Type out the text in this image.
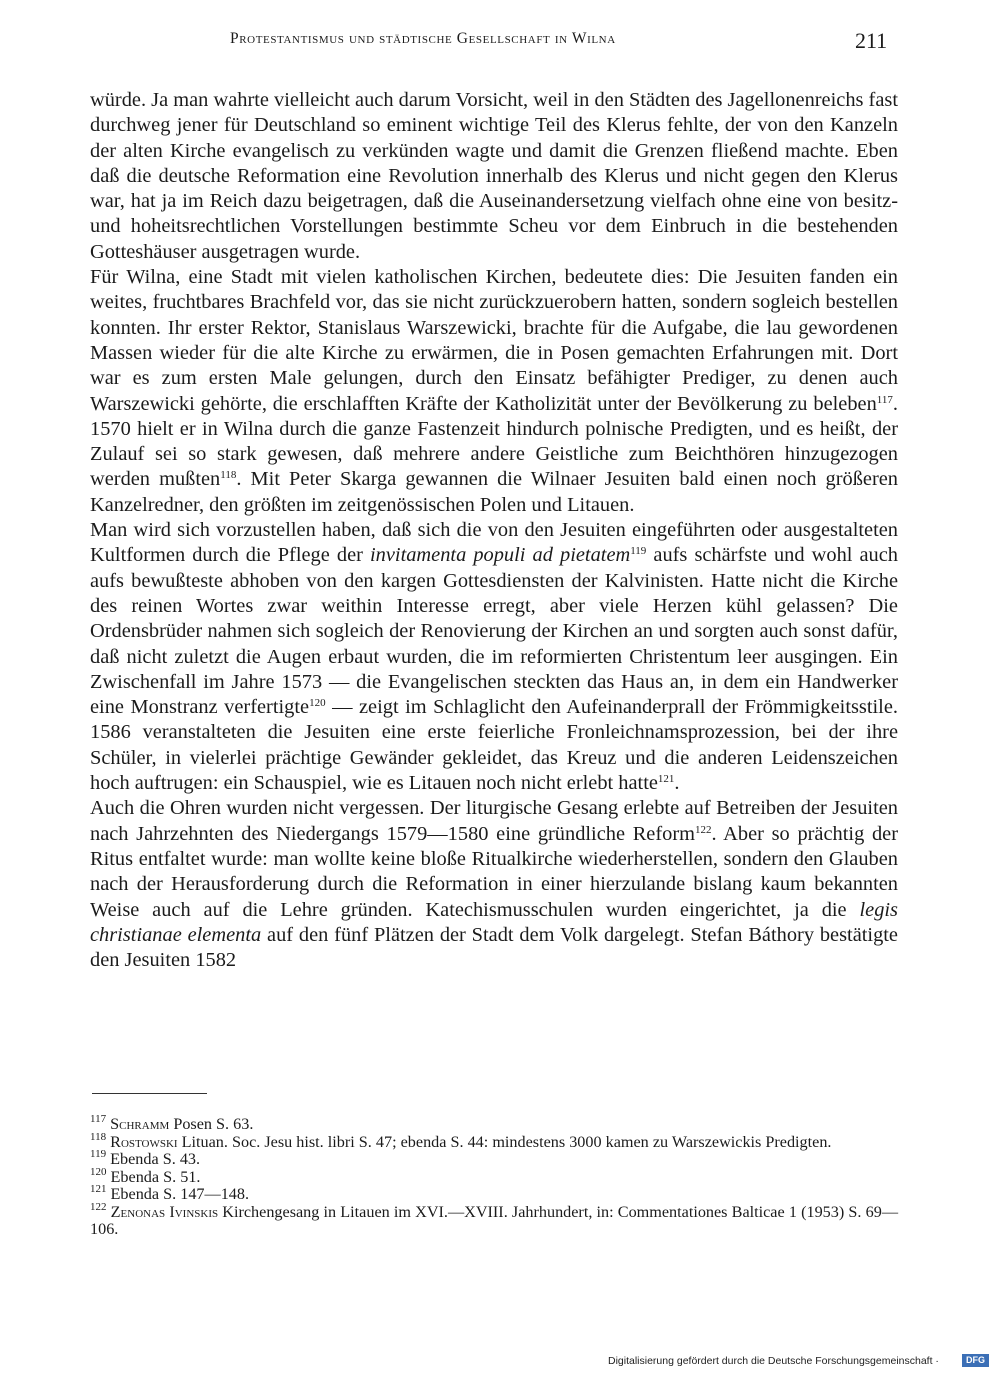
Protestantismus und städtische Gesellschaft in Wilna	211

würde. Ja man wahrte vielleicht auch darum Vorsicht, weil in den Städten des Jagellonenreichs fast durchweg jener für Deutschland so eminent wichtige Teil des Klerus fehlte, der von den Kanzeln der alten Kirche evangelisch zu verkünden wagte und damit die Grenzen fließend machte. Eben daß die deutsche Reformation eine Revolution innerhalb des Klerus und nicht gegen den Klerus war, hat ja im Reich dazu beigetragen, daß die Auseinandersetzung vielfach ohne eine von besitz- und hoheitsrechtlichen Vorstellungen bestimmte Scheu vor dem Einbruch in die bestehenden Gotteshäuser ausgetragen wurde.

Für Wilna, eine Stadt mit vielen katholischen Kirchen, bedeutete dies: Die Jesuiten fanden ein weites, fruchtbares Brachfeld vor, das sie nicht zurückzuerobern hatten, sondern sogleich bestellen konnten. Ihr erster Rektor, Stanislaus Warszewicki, brachte für die Aufgabe, die lau gewordenen Massen wieder für die alte Kirche zu erwärmen, die in Posen gemachten Erfahrungen mit. Dort war es zum ersten Male gelungen, durch den Einsatz befähigter Prediger, zu denen auch Warszewicki gehörte, die erschlafften Kräfte der Katholizität unter der Bevölkerung zu beleben$^{117}$. 1570 hielt er in Wilna durch die ganze Fastenzeit hindurch polnische Predigten, und es heißt, der Zulauf sei so stark gewesen, daß mehrere andere Geistliche zum Beichthören hinzugezogen werden mußten$^{118}$. Mit Peter Skarga gewannen die Wilnaer Jesuiten bald einen noch größeren Kanzelredner, den größten im zeitgenössischen Polen und Litauen.

Man wird sich vorzustellen haben, daß sich die von den Jesuiten eingeführten oder ausgestalteten Kultformen durch die Pflege der invitamenta populi ad pietatem$^{119}$ aufs schärfste und wohl auch aufs bewußteste abhoben von den kargen Gottesdiensten der Kalvinisten. Hatte nicht die Kirche des reinen Wortes zwar weithin Interesse erregt, aber viele Herzen kühl gelassen? Die Ordensbrüder nahmen sich sogleich der Renovierung der Kirchen an und sorgten auch sonst dafür, daß nicht zuletzt die Augen erbaut wurden, die im reformierten Christentum leer ausgingen. Ein Zwischenfall im Jahre 1573 — die Evangelischen steckten das Haus an, in dem ein Handwerker eine Monstranz verfertigte$^{120}$ — zeigt im Schlaglicht den Aufeinanderprall der Frömmigkeitsstile. 1586 veranstalteten die Jesuiten eine erste feierliche Fronleichnamsprozession, bei der ihre Schüler, in vielerlei prächtige Gewänder gekleidet, das Kreuz und die anderen Leidenszeichen hoch auftrugen: ein Schauspiel, wie es Litauen noch nicht erlebt hatte$^{121}$.

Auch die Ohren wurden nicht vergessen. Der liturgische Gesang erlebte auf Betreiben der Jesuiten nach Jahrzehnten des Niedergangs 1579—1580 eine gründliche Reform$^{122}$. Aber so prächtig der Ritus entfaltet wurde: man wollte keine bloße Ritualkirche wiederherstellen, sondern den Glauben nach der Herausforderung durch die Reformation in einer hierzulande bislang kaum bekannten Weise auch auf die Lehre gründen. Katechismusschulen wurden eingerichtet, ja die legis christianae elementa auf den fünf Plätzen der Stadt dem Volk dargelegt. Stefan Báthory bestätigte den Jesuiten 1582

$^{117}$ Schramm Posen S. 63.

$^{118}$ Rostowski Lituan. Soc. Jesu hist. libri S. 47; ebenda S. 44: mindestens 3000 kamen zu Warszewickis Predigten.

$^{119}$ Ebenda S. 43.

$^{120}$ Ebenda S. 51.

$^{121}$ Ebenda S. 147—148.

$^{122}$ Zenonas Ivinskis Kirchengesang in Litauen im XVI.—XVIII. Jahrhundert, in: Commentationes Balticae 1 (1953) S. 69—106.

Digitalisierung gefördert durch die Deutsche Forschungsgemeinschaft ·	DFG
